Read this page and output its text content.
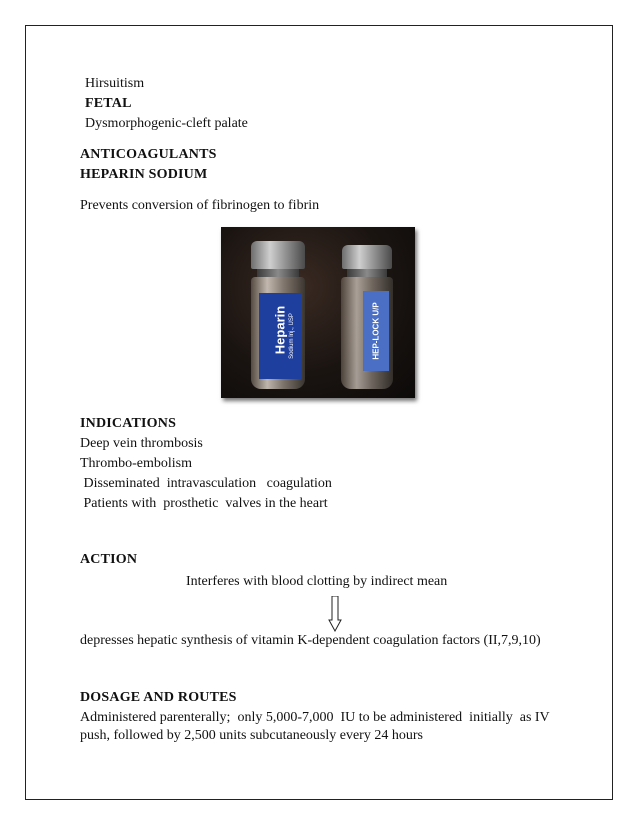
Hirsuitism
FETAL
Dysmorphogenic-cleft palate
ANTICOAGULANTS
HEPARIN SODIUM
Prevents conversion of fibrinogen to fibrin
Heparin Sodium Inj., USP	HEP-LOCK U/P
INDICATIONS
Deep vein thrombosis
Thrombo-embolism
Disseminated  intravasculation   coagulation
Patients with  prosthetic  valves in the heart
ACTION
Interferes with blood clotting by indirect mean
depresses hepatic synthesis of vitamin K-dependent coagulation factors (II,7,9,10)
DOSAGE AND ROUTES
Administered parenterally;  only 5,000-7,000  IU to be administered  initially  as IV push, followed by 2,500 units subcutaneously every 24 hours
